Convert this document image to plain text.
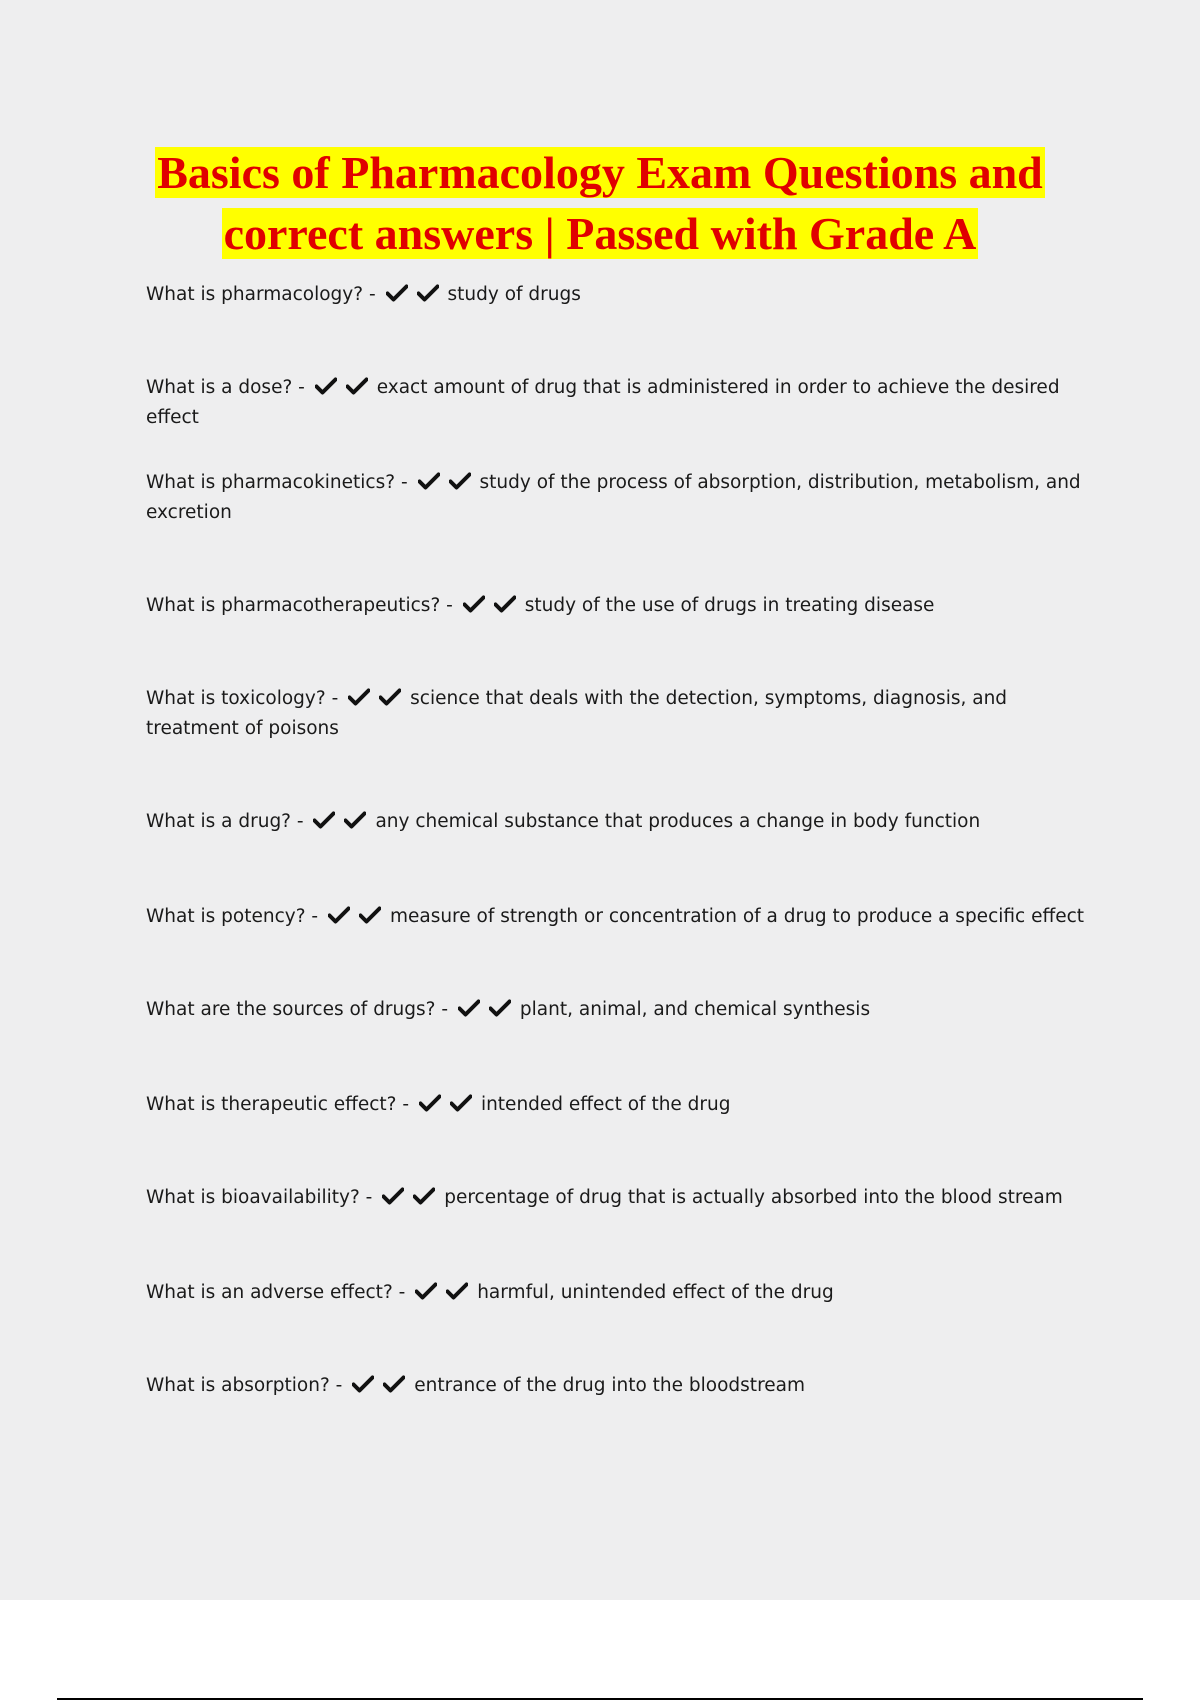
Basics of Pharmacology Exam Questions and
correct answers | Passed with Grade A
What is pharmacology? -	study of drugs
What is a dose? -	exact amount of drug that is administered in order to achieve the desired effect
What is pharmacokinetics? -	study of the process of absorption, distribution, metabolism, and excretion
What is pharmacotherapeutics? -	study of the use of drugs in treating disease
What is toxicology? -	science that deals with the detection, symptoms, diagnosis, and treatment of poisons
What is a drug? -	any chemical substance that produces a change in body function
What is potency? -	measure of strength or concentration of a drug to produce a specific effect
What are the sources of drugs? -	plant, animal, and chemical synthesis
What is therapeutic effect? -	intended effect of the drug
What is bioavailability? -	percentage of drug that is actually absorbed into the blood stream
What is an adverse effect? -	harmful, unintended effect of the drug
What is absorption? -	entrance of the drug into the bloodstream
